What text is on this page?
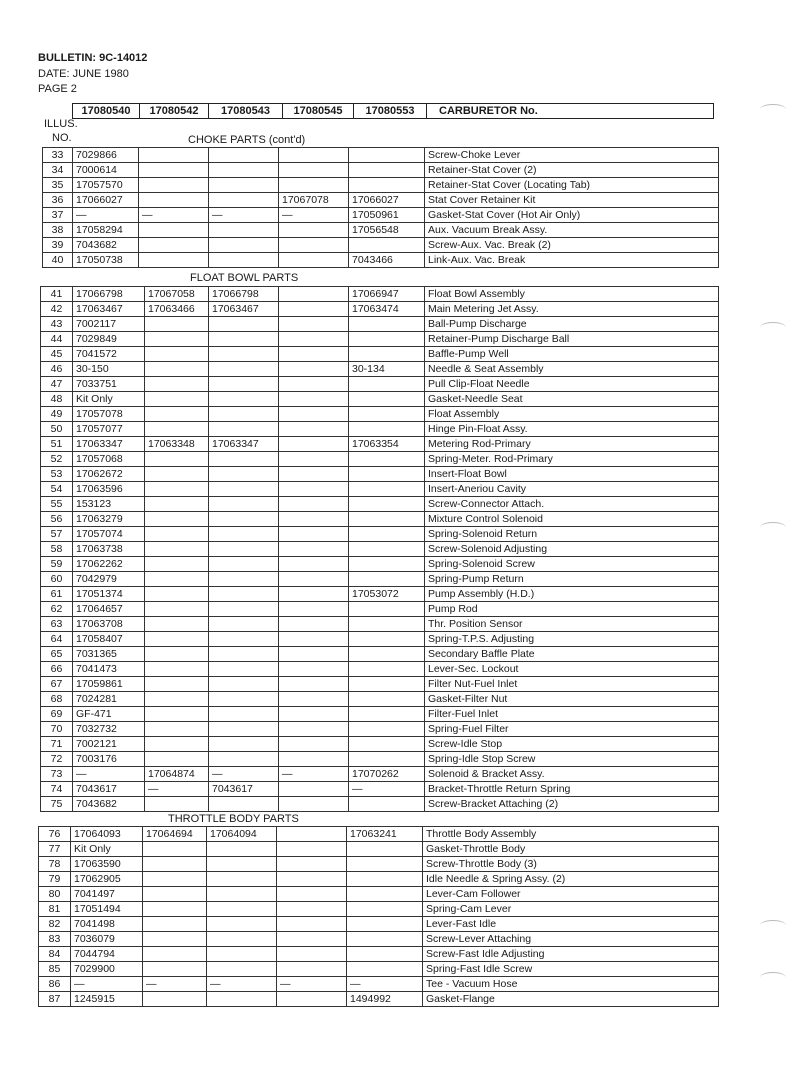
BULLETIN: 9C-14012
DATE: JUNE 1980
PAGE 2
17080540	17080542	17080543	17080545	17080553	CARBURETOR No.
ILLUS.
NO.	CHOKE PARTS (cont'd)
33	7029866					Screw-Choke Lever
34	7000614					Retainer-Stat Cover (2)
35	17057570					Retainer-Stat Cover (Locating Tab)
36	17066027			17067078	17066027	Stat Cover Retainer Kit
37	—	—	—	—	17050961	Gasket-Stat Cover (Hot Air Only)
38	17058294				17056548	Aux. Vacuum Break Assy.
39	7043682					Screw-Aux. Vac. Break (2)
40	17050738				7043466	Link-Aux. Vac. Break
FLOAT BOWL PARTS
41	17066798	17067058	17066798		17066947	Float Bowl Assembly
42	17063467	17063466	17063467		17063474	Main Metering Jet Assy.
43	7002117					Ball-Pump Discharge
44	7029849					Retainer-Pump Discharge Ball
45	7041572					Baffle-Pump Well
46	30-150				30-134	Needle & Seat Assembly
47	7033751					Pull Clip-Float Needle
48	Kit Only					Gasket-Needle Seat
49	17057078					Float Assembly
50	17057077					Hinge Pin-Float Assy.
51	17063347	17063348	17063347		17063354	Metering Rod-Primary
52	17057068					Spring-Meter. Rod-Primary
53	17062672					Insert-Float Bowl
54	17063596					Insert-Aneriou Cavity
55	153123					Screw-Connector Attach.
56	17063279					Mixture Control Solenoid
57	17057074					Spring-Solenoid Return
58	17063738					Screw-Solenoid Adjusting
59	17062262					Spring-Solenoid Screw
60	7042979					Spring-Pump Return
61	17051374				17053072	Pump Assembly (H.D.)
62	17064657					Pump Rod
63	17063708					Thr. Position Sensor
64	17058407					Spring-T.P.S. Adjusting
65	7031365					Secondary Baffle Plate
66	7041473					Lever-Sec. Lockout
67	17059861					Filter Nut-Fuel Inlet
68	7024281					Gasket-Filter Nut
69	GF-471					Filter-Fuel Inlet
70	7032732					Spring-Fuel Filter
71	7002121					Screw-Idle Stop
72	7003176					Spring-Idle Stop Screw
73	—	17064874	—	—	17070262	Solenoid & Bracket Assy.
74	7043617	—	7043617		—	Bracket-Throttle Return Spring
75	7043682					Screw-Bracket Attaching (2)
THROTTLE BODY PARTS
76	17064093	17064694	17064094		17063241	Throttle Body Assembly
77	Kit Only					Gasket-Throttle Body
78	17063590					Screw-Throttle Body (3)
79	17062905					Idle Needle & Spring Assy. (2)
80	7041497					Lever-Cam Follower
81	17051494					Spring-Cam Lever
82	7041498					Lever-Fast Idle
83	7036079					Screw-Lever Attaching
84	7044794					Screw-Fast Idle Adjusting
85	7029900					Spring-Fast Idle Screw
86	—	—	—	—	—	Tee - Vacuum Hose
87	1245915				1494992	Gasket-Flange
